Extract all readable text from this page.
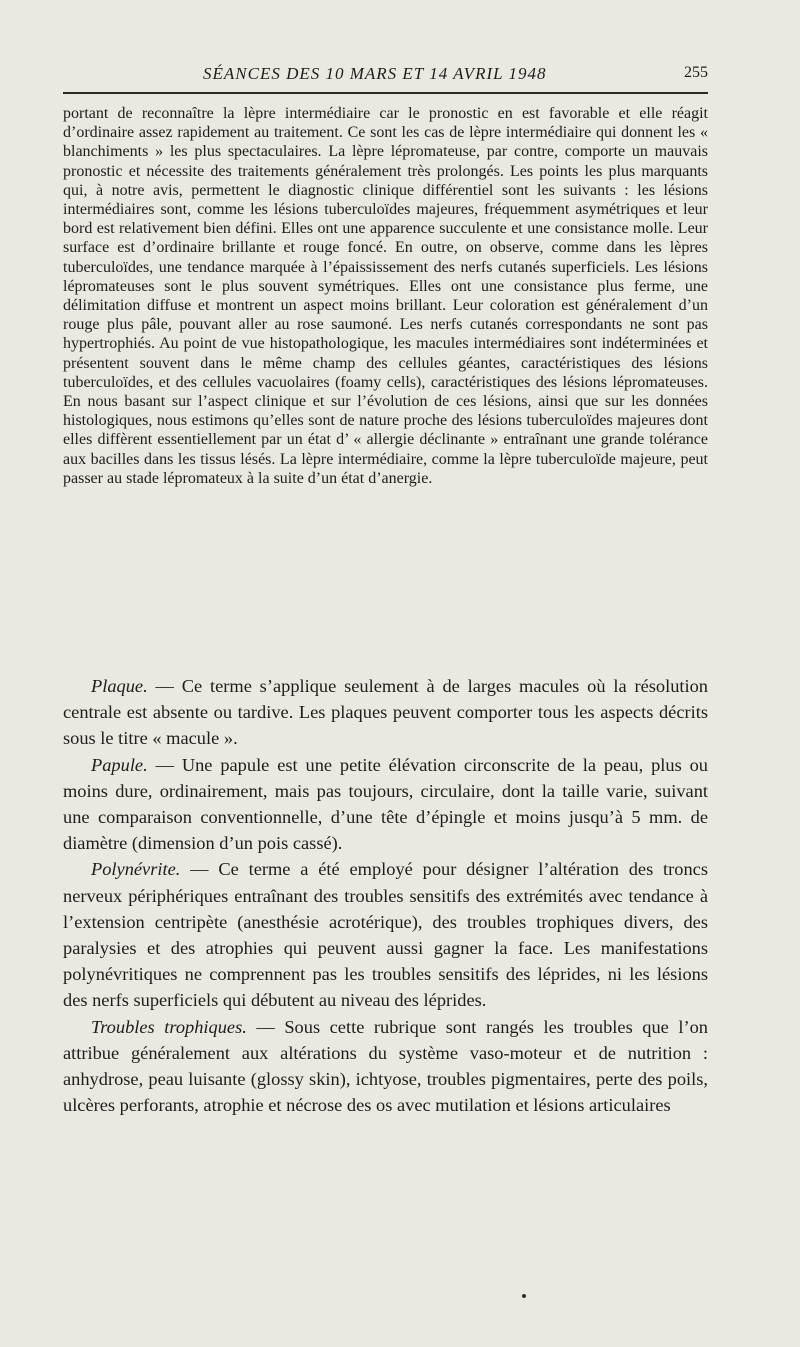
SÉANCES DES 10 MARS ET 14 AVRIL 1948	255

portant de reconnaître la lèpre intermédiaire car le pronostic en est favorable et elle réagit d’ordinaire assez rapidement au traitement. Ce sont les cas de lèpre intermédiaire qui donnent les « blanchiments » les plus spectaculaires. La lèpre lépromateuse, par contre, comporte un mauvais pronostic et nécessite des traitements généralement très prolongés. Les points les plus marquants qui, à notre avis, permettent le diagnostic clinique différentiel sont les suivants : les lésions intermédiaires sont, comme les lésions tuberculoïdes majeures, fréquemment asymétriques et leur bord est relativement bien défini. Elles ont une apparence succulente et une consistance molle. Leur surface est d’ordinaire brillante et rouge foncé. En outre, on observe, comme dans les lèpres tuberculoïdes, une tendance marquée à l’épaississement des nerfs cutanés superficiels. Les lésions lépromateuses sont le plus souvent symétriques. Elles ont une consistance plus ferme, une délimitation diffuse et montrent un aspect moins brillant. Leur coloration est généralement d’un rouge plus pâle, pouvant aller au rose saumoné. Les nerfs cutanés correspondants ne sont pas hypertrophiés. Au point de vue histopathologique, les macules intermédiaires sont indéterminées et présentent souvent dans le même champ des cellules géantes, caractéristiques des lésions tuberculoïdes, et des cellules vacuolaires (foamy cells), caractéristiques des lésions lépromateuses. En nous basant sur l’aspect clinique et sur l’évolution de ces lésions, ainsi que sur les données histologiques, nous estimons qu’elles sont de nature proche des lésions tuberculoïdes majeures dont elles diffèrent essentiellement par un état d’ « allergie déclinante » entraînant une grande tolérance aux bacilles dans les tissus lésés. La lèpre intermédiaire, comme la lèpre tuberculoïde majeure, peut passer au stade lépromateux à la suite d’un état d’anergie.

Plaque. — Ce terme s’applique seulement à de larges macules où la résolution centrale est absente ou tardive. Les plaques peuvent comporter tous les aspects décrits sous le titre « macule ».

Papule. — Une papule est une petite élévation circonscrite de la peau, plus ou moins dure, ordinairement, mais pas toujours, circulaire, dont la taille varie, suivant une comparaison conventionnelle, d’une tête d’épingle et moins jusqu’à 5 mm. de diamètre (dimension d’un pois cassé).

Polynévrite. — Ce terme a été employé pour désigner l’altération des troncs nerveux périphériques entraînant des troubles sensitifs des extrémités avec tendance à l’extension centripète (anesthésie acrotérique), des troubles trophiques divers, des paralysies et des atrophies qui peuvent aussi gagner la face. Les manifestations polynévritiques ne comprennent pas les troubles sensitifs des léprides, ni les lésions des nerfs superficiels qui débutent au niveau des léprides.

Troubles trophiques. — Sous cette rubrique sont rangés les troubles que l’on attribue généralement aux altérations du système vaso-moteur et de nutrition : anhydrose, peau luisante (glossy skin), ichtyose, troubles pigmentaires, perte des poils, ulcères perforants, atrophie et nécrose des os avec mutilation et lésions articulaires
